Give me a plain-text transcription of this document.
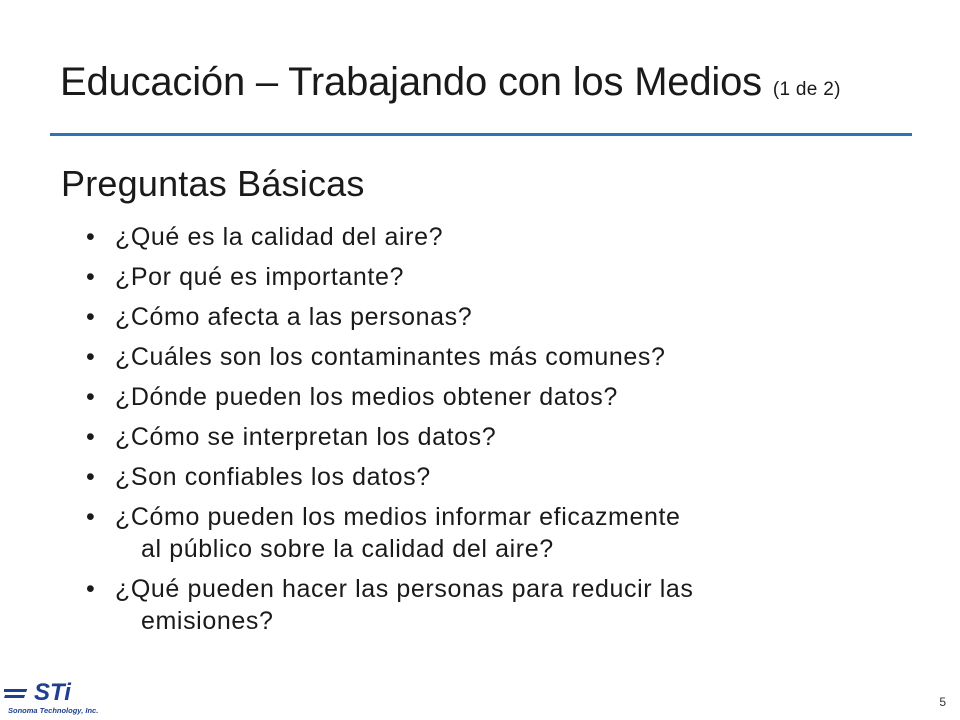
Educación – Trabajando con los Medios (1 de 2)
Preguntas Básicas
• ¿Qué es la calidad del aire?
• ¿Por qué es importante?
• ¿Cómo afecta a las personas?
• ¿Cuáles son los contaminantes más comunes?
• ¿Dónde pueden los medios obtener datos?
• ¿Cómo se interpretan los datos?
• ¿Son confiables los datos?
• ¿Cómo pueden los medios informar eficazmente
al público sobre la calidad del aire?
• ¿Qué pueden hacer las personas para reducir las
emisiones?
STi
Sonoma Technology, Inc.
5
